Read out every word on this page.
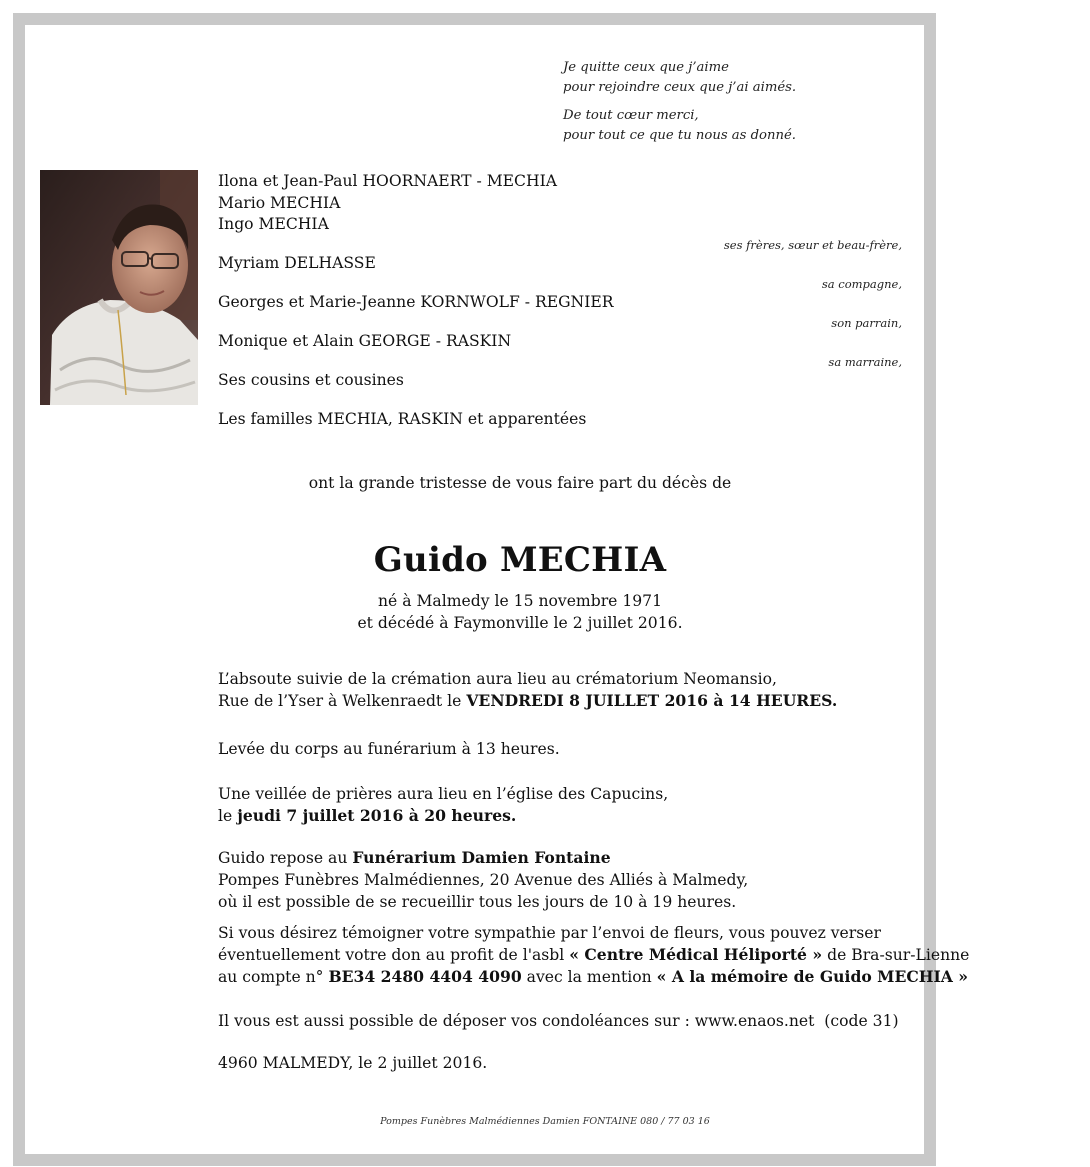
Je quitte ceux que j’aime
pour rejoindre ceux que j’ai aimés.

De tout cœur merci,
pour tout ce que tu nous as donné.

Ilona et Jean-Paul HOORNAERT - MECHIA
Mario MECHIA
Ingo MECHIA
ses frères, sœur et beau-frère,
Myriam DELHASSE
sa compagne,
Georges et Marie-Jeanne KORNWOLF - REGNIER
son parrain,
Monique et Alain GEORGE - RASKIN
sa marraine,
Ses cousins et cousines
Les familles MECHIA, RASKIN et apparentées
ont la grande tristesse de vous faire part du décès de
Guido MECHIA
né à Malmedy le 15 novembre 1971
et décédé à Faymonville le 2 juillet 2016.
L’absoute suivie de la crémation aura lieu au crématorium Neomansio,
Rue de l’Yser à Welkenraedt le VENDREDI 8 JUILLET 2016 à 14 HEURES.
Levée du corps au funérarium à 13 heures.
Une veillée de prières aura lieu en l’église des Capucins,
le jeudi 7 juillet 2016 à 20 heures.
Guido repose au Funérarium Damien Fontaine
Pompes Funèbres Malmédiennes, 20 Avenue des Alliés à Malmedy,
où il est possible de se recueillir tous les jours de 10 à 19 heures.
Si vous désirez témoigner votre sympathie par l’envoi de fleurs, vous pouvez verser
éventuellement votre don au profit de l'asbl « Centre Médical Héliporté » de Bra-sur-Lienne
au compte n° BE34 2480 4404 4090 avec la mention « A la mémoire de Guido MECHIA »
Il vous est aussi possible de déposer vos condoléances sur : www.enaos.net  (code 31)
4960 MALMEDY, le 2 juillet 2016.
Pompes Funèbres Malmédiennes Damien FONTAINE 080 / 77 03 16
